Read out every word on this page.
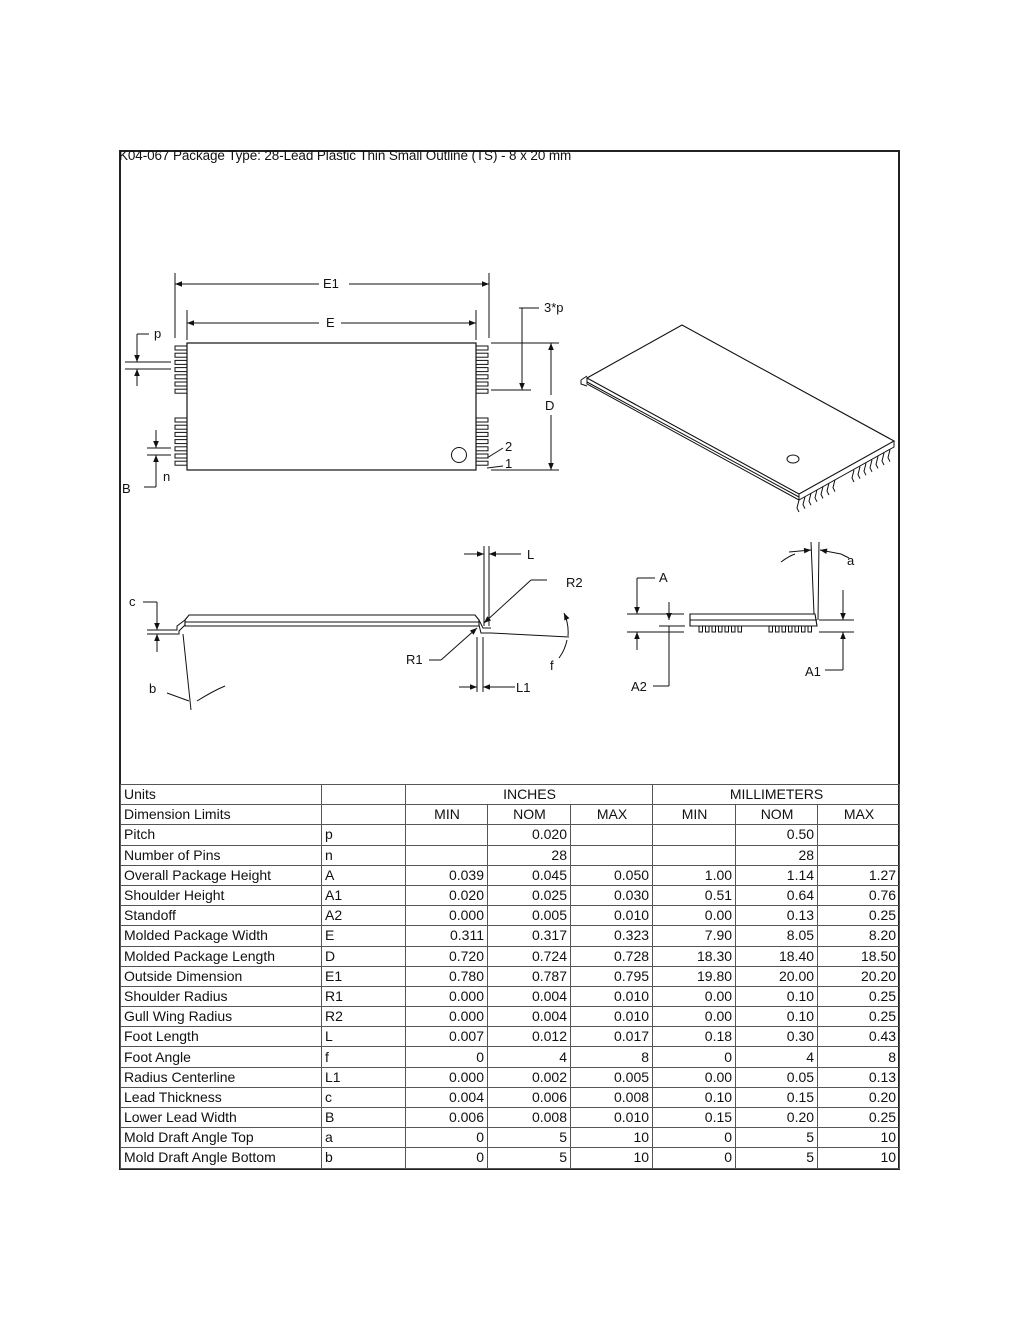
K04-067 Package Type: 28-Lead Plastic Thin Small Outline (TS) - 8 x 20 mm
E1
E
3*p
p
D
2
1
n
B
L
R2
c
R1	f
L1
b
A
a
A1
A2
Units		INCHES			MILLIMETERS		
Dimension Limits		MIN	NOM	MAX	MIN	NOM	MAX
Pitch	p		0.020			0.50	
Number of Pins	n		28			28	
Overall Package Height	A	0.039	0.045	0.050	1.00	1.14	1.27
Shoulder Height	A1	0.020	0.025	0.030	0.51	0.64	0.76
Standoff	A2	0.000	0.005	0.010	0.00	0.13	0.25
Molded Package Width	E	0.311	0.317	0.323	7.90	8.05	8.20
Molded Package Length	D	0.720	0.724	0.728	18.30	18.40	18.50
Outside Dimension	E1	0.780	0.787	0.795	19.80	20.00	20.20
Shoulder Radius	R1	0.000	0.004	0.010	0.00	0.10	0.25
Gull Wing Radius	R2	0.000	0.004	0.010	0.00	0.10	0.25
Foot Length	L	0.007	0.012	0.017	0.18	0.30	0.43
Foot Angle	f	0	4	8	0	4	8
Radius Centerline	L1	0.000	0.002	0.005	0.00	0.05	0.13
Lead Thickness	c	0.004	0.006	0.008	0.10	0.15	0.20
Lower Lead Width	B	0.006	0.008	0.010	0.15	0.20	0.25
Mold Draft Angle Top	a	0	5	10	0	5	10
Mold Draft Angle Bottom	b	0	5	10	0	5	10
